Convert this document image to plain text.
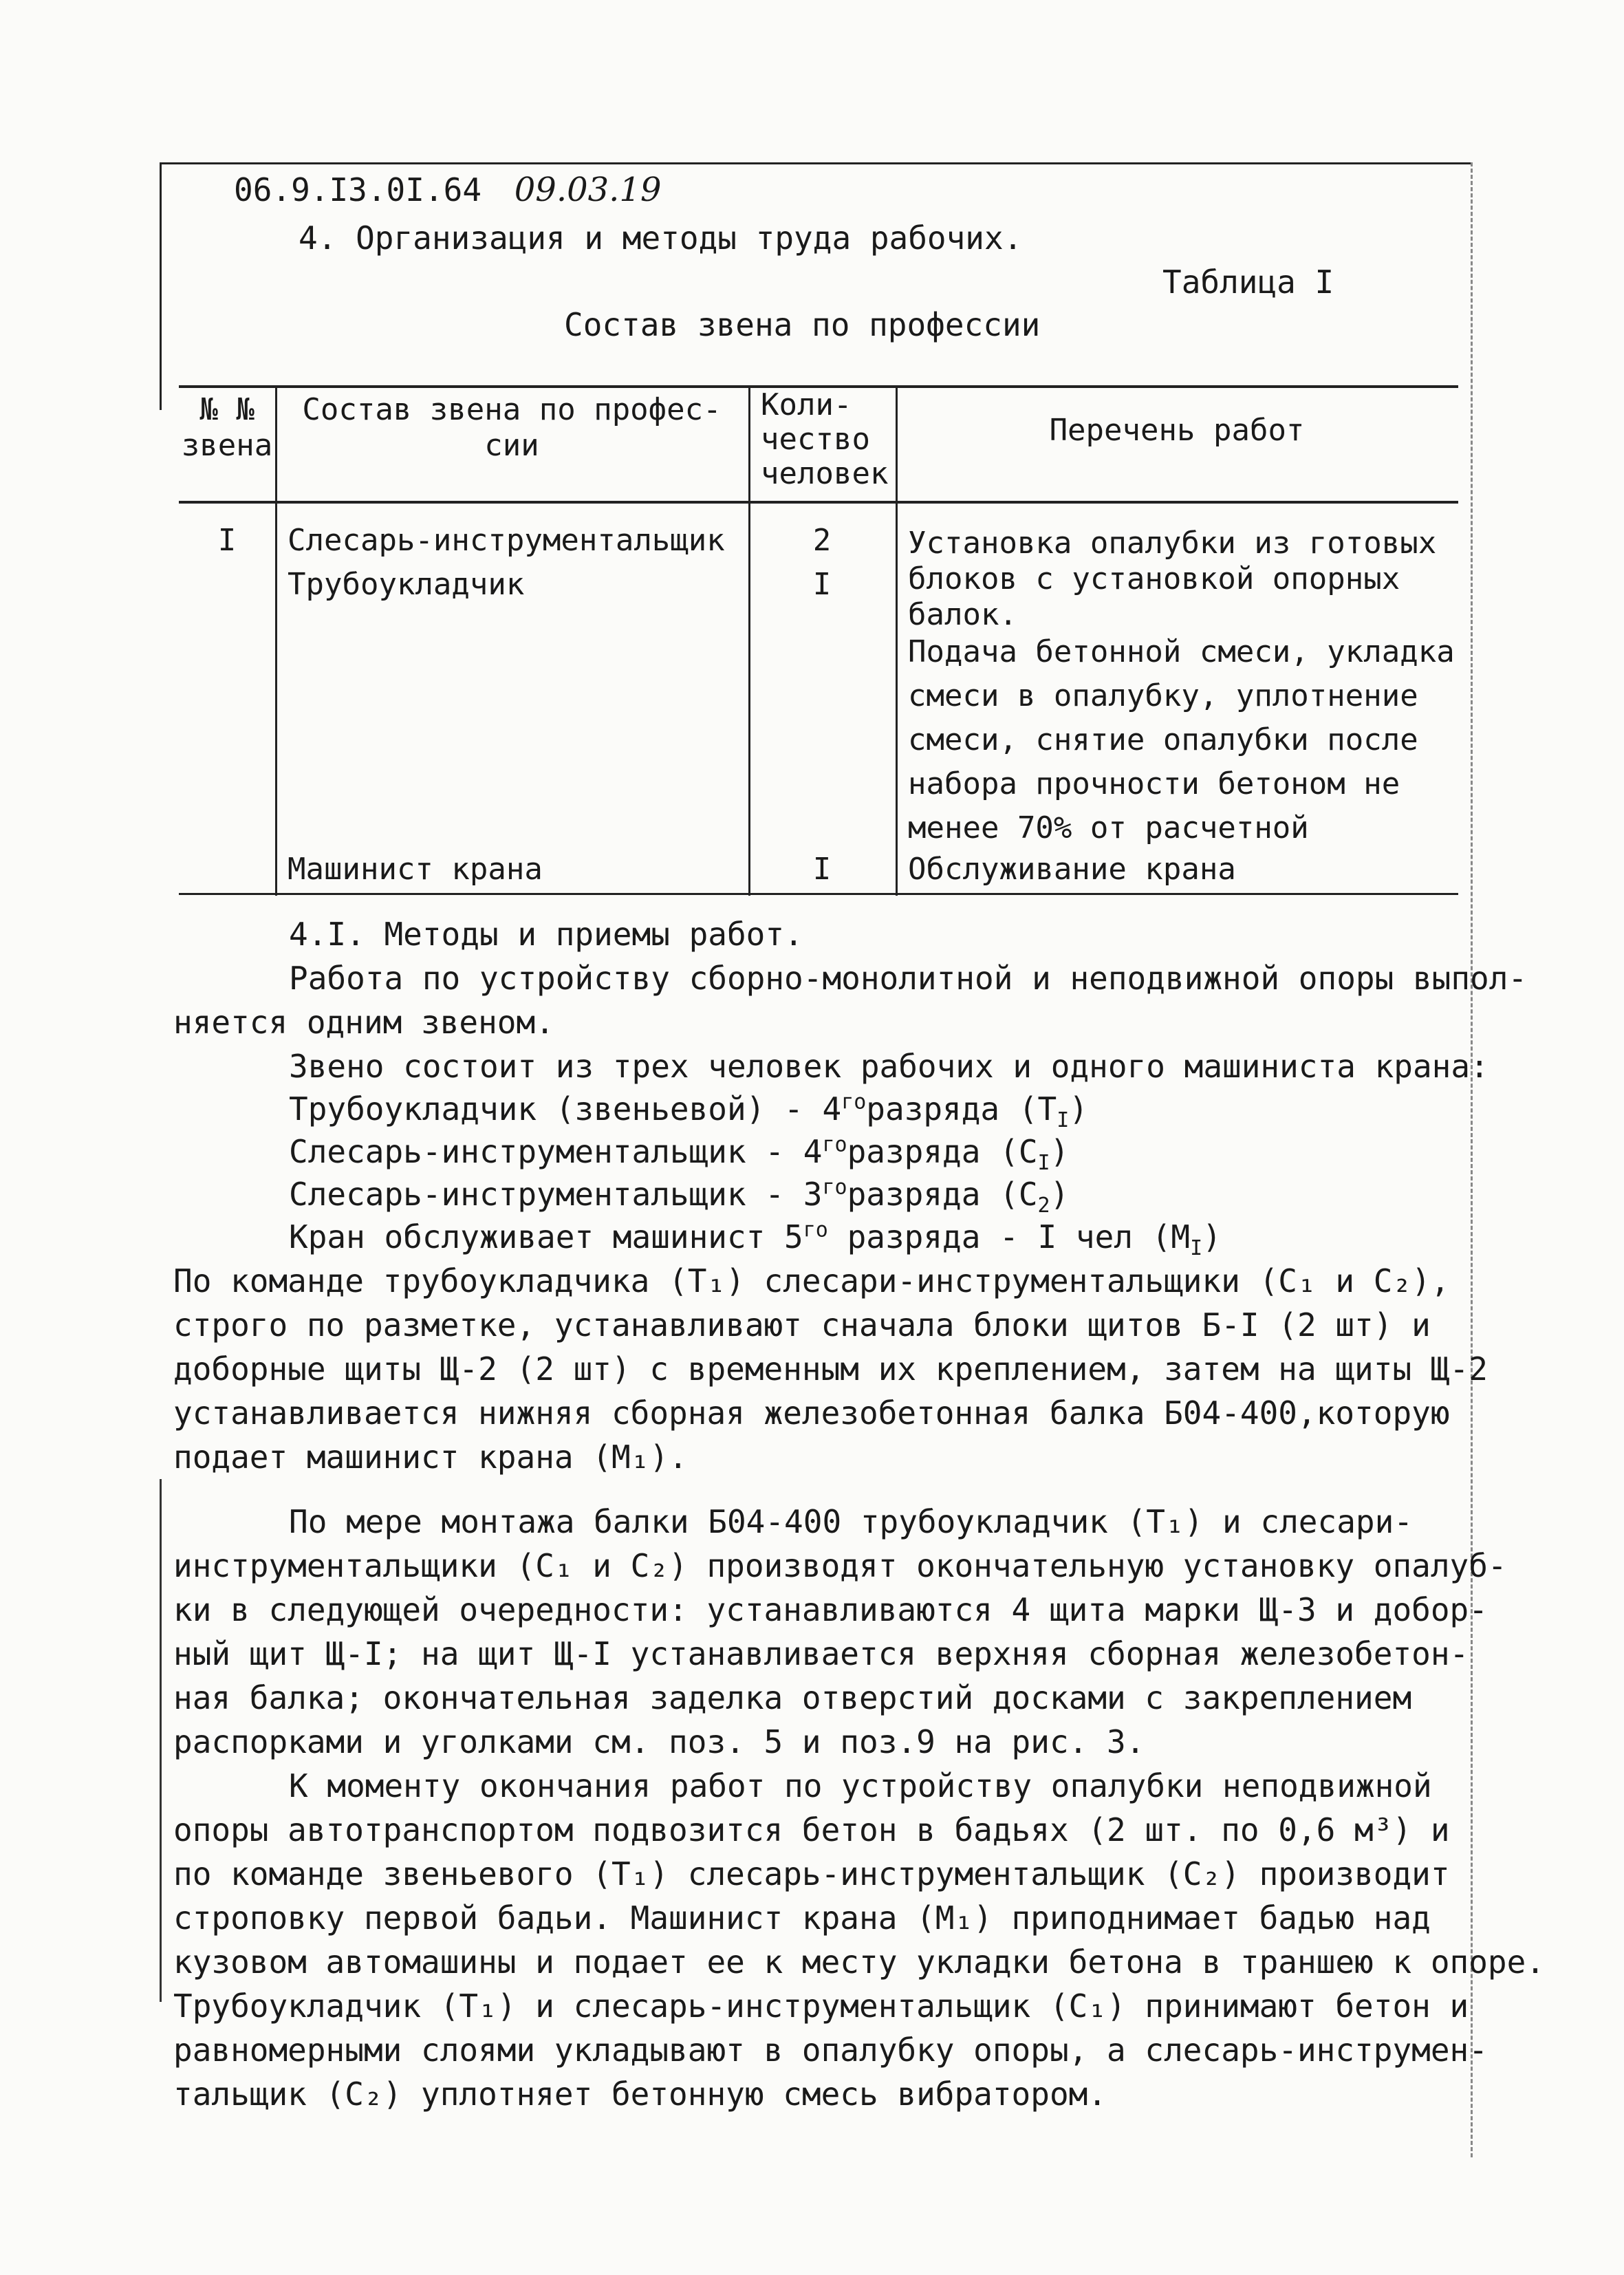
06.9.I3.0I.64 09.03.19
4. Организация и методы труда рабочих.
Таблица I
Состав звена по профессии
№ №
звена
Состав звена по профес-
сии
Коли-
чество
человек
Перечень работ
I	Слесарь-инструментальщик
Трубоукладчик
Машинист крана
2
I
I
Установка опалубки из готовых
блоков с установкой опорных
балок.
Подача бетонной смеси, укладка
смеси в опалубку, уплотнение
смеси, снятие опалубки после
набора прочности бетоном не
менее 70% от расчетной
Обслуживание крана
4.I. Методы и приемы работ.
Работа по устройству сборно-монолитной и неподвижной опоры выпол-
няется одним звеном.
Звено состоит из трех человек рабочих и одного машиниста крана:
Трубоукладчик (звеньевой) - $4^{го}разряда$ $(Т_I)$
Слесарь-инструментальщик - $4^{го}разряда$ $(С_I)$
Слесарь-инструментальщик - $3^{го}разряда$ $(С_2)$
Кран обслуживает машинист $5^{го}$ разряда - I чел $(М_I)$
По команде трубоукладчика (Т₁) слесари-инструментальщики (С₁ и С₂),
строго по разметке, устанавливают сначала блоки щитов Б-I (2 шт) и
доборные щиты Щ-2 (2 шт) с временным их креплением, затем на щиты Щ-2
устанавливается нижняя сборная железобетонная балка Б04-400,которую
подает машинист крана (М₁).
По мере монтажа балки Б04-400 трубоукладчик (Т₁) и слесари-
инструментальщики (С₁ и С₂) производят окончательную установку опалуб-
ки в следующей очередности: устанавливаются 4 щита марки Щ-3 и добор-
ный щит Щ-I; на щит Щ-I устанавливается верхняя сборная железобетон-
ная балка; окончательная заделка отверстий досками с закреплением
распорками и уголками см. поз. 5 и поз.9 на рис. 3.
К моменту окончания работ по устройству опалубки неподвижной
опоры автотранспортом подвозится бетон в бадьях (2 шт. по 0,6 м³) и
по команде звеньевого (Т₁) слесарь-инструментальщик (С₂) производит
строповку первой бадьи. Машинист крана (М₁) приподнимает бадью над
кузовом автомашины и подает ее к месту укладки бетона в траншею к опоре.
Трубоукладчик (Т₁) и слесарь-инструментальщик (С₁) принимают бетон и
равномерными слоями укладывают в опалубку опоры, а слесарь-инструмен-
тальщик (С₂) уплотняет бетонную смесь вибратором.
